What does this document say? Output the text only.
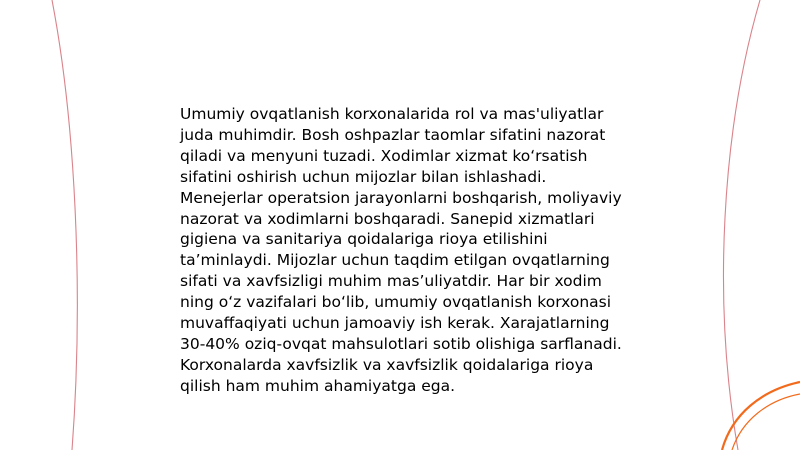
Umumiy ovqatlanish korxonalarida rol va mas'uliyatlar juda muhimdir. Bosh oshpazlar taomlar sifatini nazorat qiladi va menyuni tuzadi. Xodimlar xizmat koʻrsatish sifatini oshirish uchun mijozlar bilan ishlashadi. Menejerlar operatsion jarayonlarni boshqarish, moliyaviy nazorat va xodimlarni boshqaradi. Sanepid xizmatlari gigiena va sanitariya qoidalariga rioya etilishini taʼminlaydi. Mijozlar uchun taqdim etilgan ovqatlarning sifati va xavfsizligi muhim masʼuliyatdir. Har bir xodim ning oʻz vazifalari boʻlib, umumiy ovqatlanish korxonasi muvaffaqiyati uchun jamoaviy ish kerak. Xarajatlarning 30-40% oziq-ovqat mahsulotlari sotib olishiga sarflanadi. Korxonalarda xavfsizlik va xavfsizlik qoidalariga rioya qilish ham muhim ahamiyatga ega.
